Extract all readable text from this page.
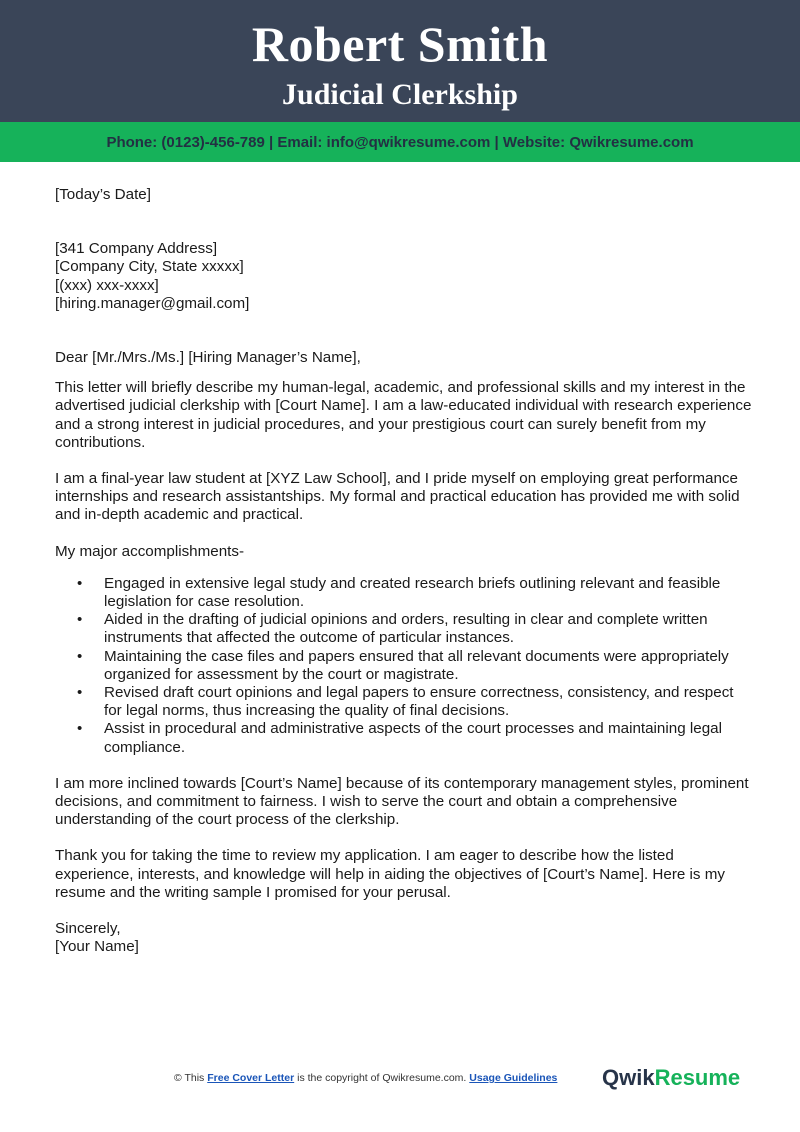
Robert Smith
Judicial Clerkship
Phone: (0123)-456-789 | Email: info@qwikresume.com | Website: Qwikresume.com

[Today’s Date]

[341 Company Address]
[Company City, State xxxxx]
[(xxx) xxx-xxxx]
[hiring.manager@gmail.com]

Dear [Mr./Mrs./Ms.] [Hiring Manager’s Name],

This letter will briefly describe my human-legal, academic, and professional skills and my interest in the advertised judicial clerkship with [Court Name]. I am a law-educated individual with research experience and a strong interest in judicial procedures, and your prestigious court can surely benefit from my contributions.

I am a final-year law student at [XYZ Law School], and I pride myself on employing great performance internships and research assistantships. My formal and practical education has provided me with solid and in-depth academic and practical.

My major accomplishments-

• Engaged in extensive legal study and created research briefs outlining relevant and feasible legislation for case resolution.
• Aided in the drafting of judicial opinions and orders, resulting in clear and complete written instruments that affected the outcome of particular instances.
• Maintaining the case files and papers ensured that all relevant documents were appropriately organized for assessment by the court or magistrate.
• Revised draft court opinions and legal papers to ensure correctness, consistency, and respect for legal norms, thus increasing the quality of final decisions.
• Assist in procedural and administrative aspects of the court processes and maintaining legal compliance.

I am more inclined towards [Court’s Name] because of its contemporary management styles, prominent decisions, and commitment to fairness. I wish to serve the court and obtain a comprehensive understanding of the court process of the clerkship.

Thank you for taking the time to review my application. I am eager to describe how the listed experience, interests, and knowledge will help in aiding the objectives of [Court’s Name]. Here is my resume and the writing sample I promised for your perusal.

Sincerely,
[Your Name]
© This Free Cover Letter is the copyright of Qwikresume.com. Usage Guidelines QwikResume
